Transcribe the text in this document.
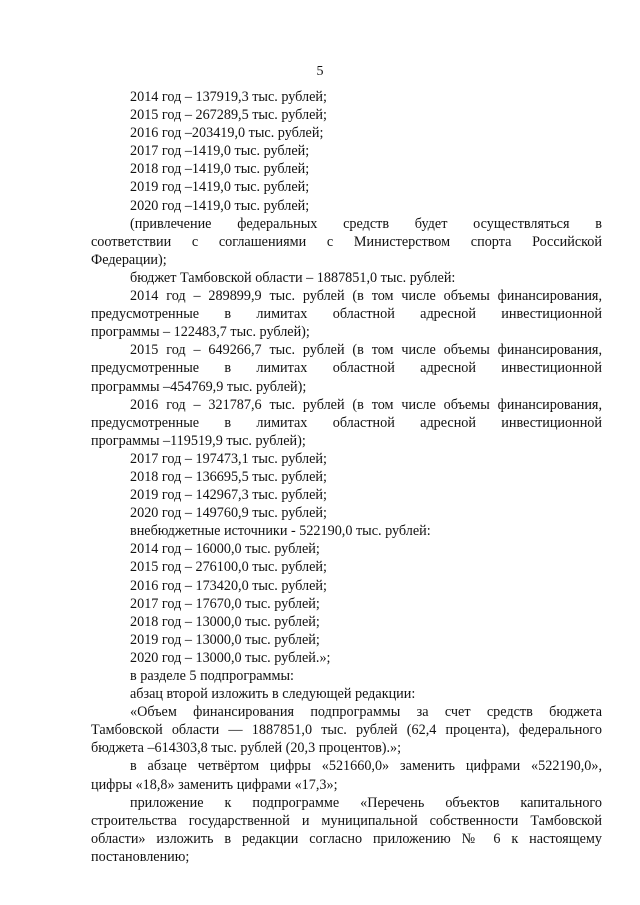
5
2014 год – 137919,3 тыс. рублей;
2015 год – 267289,5 тыс. рублей;
2016 год –203419,0 тыс. рублей;
2017 год –1419,0 тыс. рублей;
2018 год –1419,0 тыс. рублей;
2019 год –1419,0 тыс. рублей;
2020 год –1419,0 тыс. рублей;
(привлечение федеральных средств будет осуществляться в
соответствии с соглашениями с Министерством спорта Российской
Федерации);
бюджет Тамбовской области – 1887851,0 тыс. рублей:
2014 год – 289899,9 тыс. рублей (в том числе объемы финансирования,
предусмотренные в лимитах областной адресной инвестиционной
программы – 122483,7 тыс. рублей);
2015 год – 649266,7 тыс. рублей (в том числе объемы финансирования,
предусмотренные в лимитах областной адресной инвестиционной
программы –454769,9 тыс. рублей);
2016 год – 321787,6 тыс. рублей (в том числе объемы финансирования,
предусмотренные в лимитах областной адресной инвестиционной
программы –119519,9 тыс. рублей);
2017 год – 197473,1 тыс. рублей;
2018 год – 136695,5 тыс. рублей;
2019 год – 142967,3 тыс. рублей;
2020 год – 149760,9 тыс. рублей;
внебюджетные источники - 522190,0 тыс. рублей:
2014 год – 16000,0 тыс. рублей;
2015 год – 276100,0 тыс. рублей;
2016 год – 173420,0 тыс. рублей;
2017 год – 17670,0 тыс. рублей;
2018 год – 13000,0 тыс. рублей;
2019 год – 13000,0 тыс. рублей;
2020 год – 13000,0 тыс. рублей.»;
в разделе 5 подпрограммы:
абзац второй изложить в следующей редакции:
«Объем финансирования подпрограммы за счет средств бюджета
Тамбовской области — 1887851,0 тыс. рублей (62,4 процента), федерального
бюджета –614303,8 тыс. рублей (20,3 процентов).»;
в абзаце четвёртом цифры «521660,0» заменить цифрами «522190,0»,
цифры «18,8» заменить цифрами «17,3»;
приложение к подпрограмме «Перечень объектов капитального
строительства государственной и муниципальной собственности Тамбовской
области» изложить в редакции согласно приложению № 6 к настоящему
постановлению;
